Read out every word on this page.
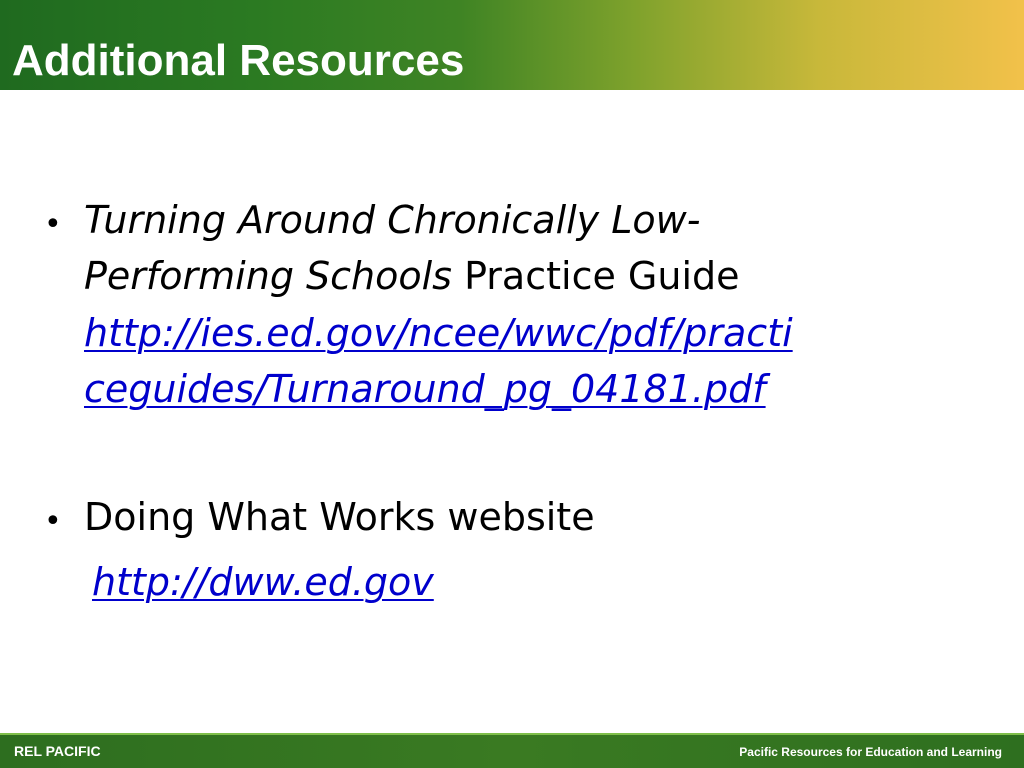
Additional Resources
• Turning Around Chronically Low-
Performing Schools Practice Guide
http://ies.ed.gov/ncee/wwc/pdf/practi
ceguides/Turnaround_pg_04181.pdf
• Doing What Works website
http://dww.ed.gov
REL PACIFIC	Pacific Resources for Education and Learning
